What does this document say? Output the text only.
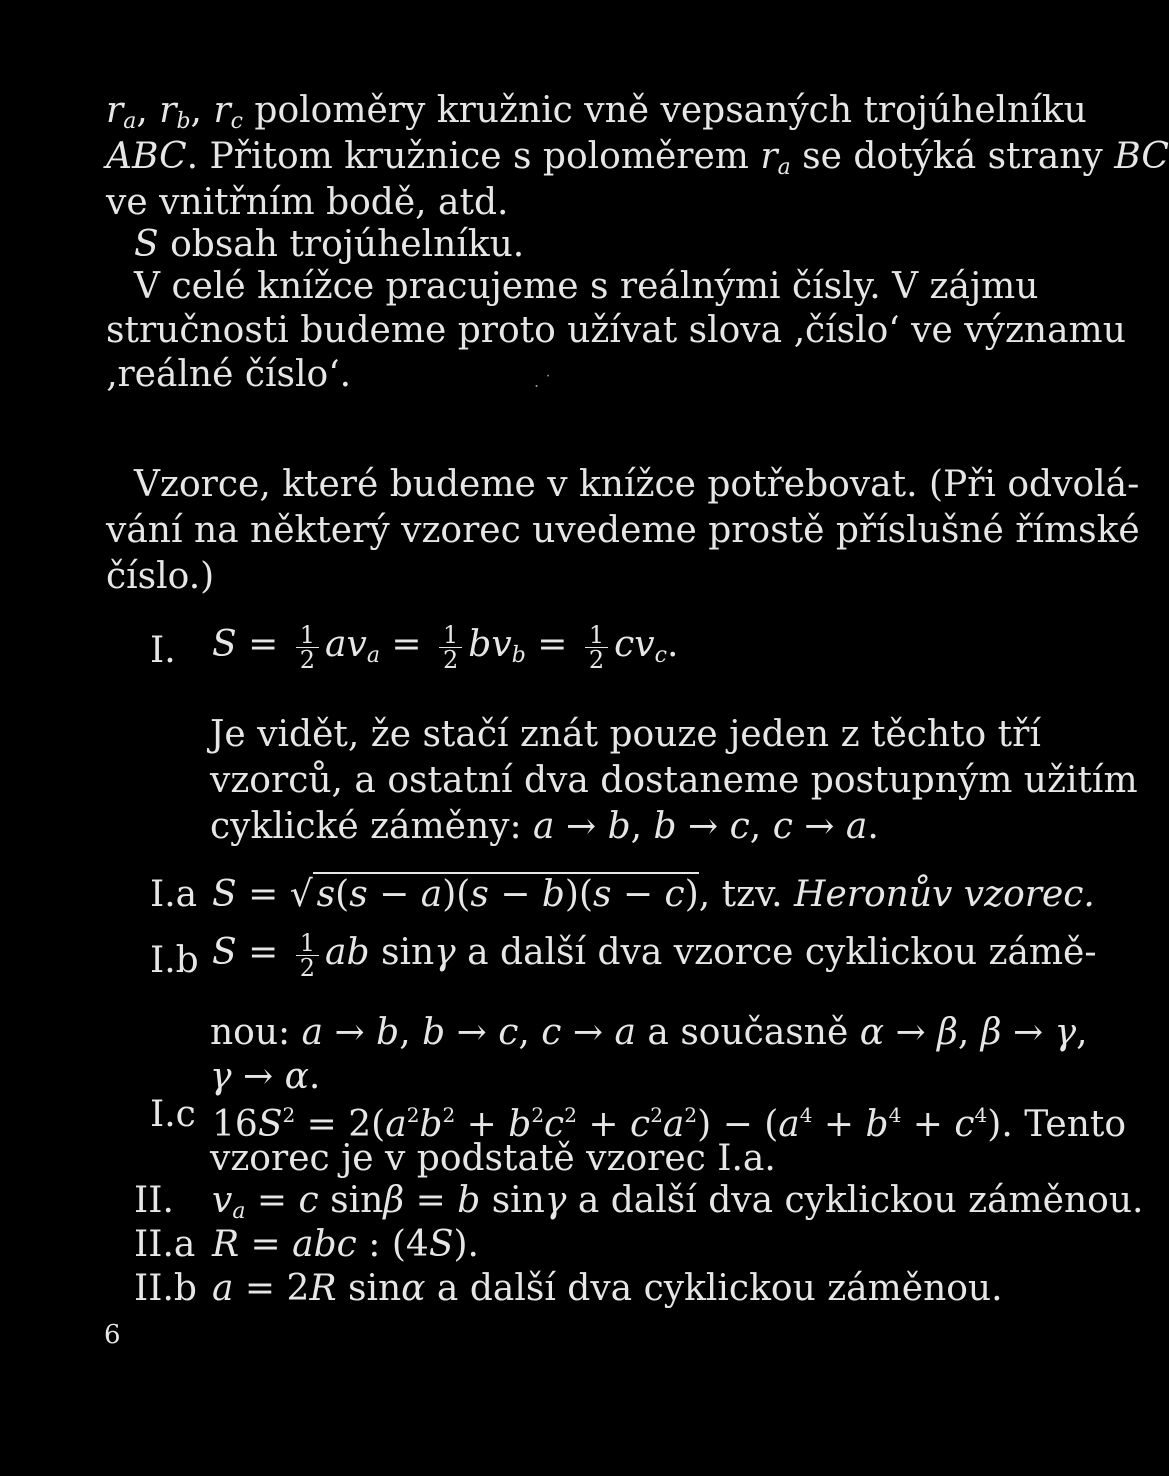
$r_a$, $r_b$, $r_c$ poloměry kružnic vně vepsaných trojúhelníku

ABC. Přitom kružnice s poloměrem $r_a$ se dotýká strany BC

ve vnitřním bodě, atd.

S obsah trojúhelníku.

V celé knížce pracujeme s reálnými čísly. V zájmu

stručnosti budeme proto užívat slova ‚číslo‘ ve významu

‚reálné číslo‘.	. ˙

Vzorce, které budeme v knížce potřebovat. (Při odvolá-

vání na některý vzorec uvedeme prostě příslušné římské

číslo.)

I. $S = \frac{1}{2} av_a = \frac{1}{2} bv_b = \frac{1}{2} cv_c$.

Je vidět, že stačí znát pouze jeden z těchto tří

vzorců, a ostatní dva dostaneme postupným užitím

cyklické záměny: a → b, b → c, c → a.

I.a S = √ s(s − a)(s − b)(s − c), tzv. Heronův vzorec.
I.b $S = \frac{1}{2}$ ab sinγ a další dva vzorce cyklickou zámě-

nou: a → b, b → c, c → a a současně α → β, β → γ,

γ → α.

I.c $16S^2 = 2(a^2b^2 + b^2c^2 + c^2a^2) - (a^4 + b^4 + c^4)$. Tento

vzorec je v podstatě vzorec I.a.

II. $v_a = c$ sinβ = b sinγ a další dva cyklickou záměnou.
II.a R = abc : (4S).
II.b a = 2R sinα a další dva cyklickou záměnou.
6
